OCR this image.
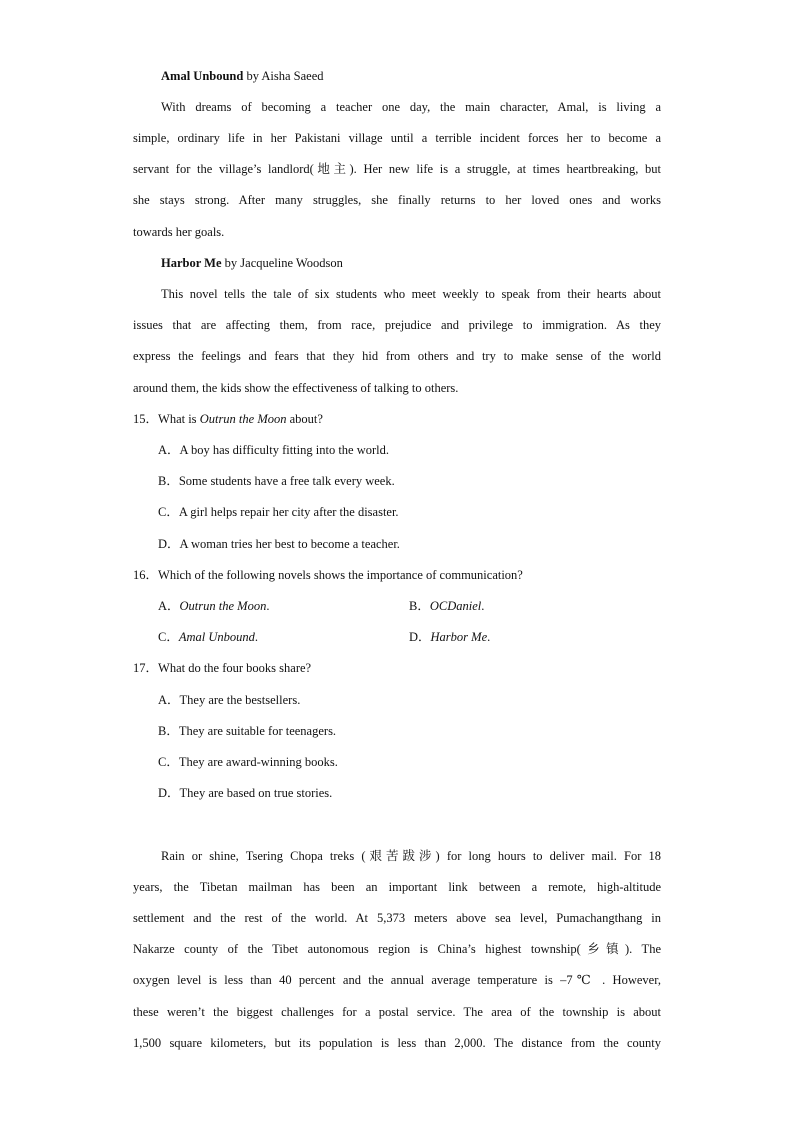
Amal Unbound by Aisha Saeed
With dreams of becoming a teacher one day, the main character, Amal, is living a
simple, ordinary life in her Pakistani village until a terrible incident forces her to become a
servant for the village’s landlord(地主). Her new life is a struggle, at times heartbreaking, but
she stays strong. After many struggles, she finally returns to her loved ones and works
towards her goals.
Harbor Me by Jacqueline Woodson
This novel tells the tale of six students who meet weekly to speak from their hearts about
issues that are affecting them, from race, prejudice and privilege to immigration. As they
express the feelings and fears that they hid from others and try to make sense of the world
around them, the kids show the effectiveness of talking to others.
15．What is Outrun the Moon about?
A．A boy has difficulty fitting into the world.
B．Some students have a free talk every week.
C．A girl helps repair her city after the disaster.
D．A woman tries her best to become a teacher.
16．Which of the following novels shows the importance of communication?
A．Outrun the Moon.	B．OCDaniel.
C．Amal Unbound.	D．Harbor Me.
17．What do the four books share?
A．They are the bestsellers.
B．They are suitable for teenagers.
C．They are award-winning books.
D．They are based on true stories.
Rain or shine, Tsering Chopa treks (艰苦跋涉) for long hours to deliver mail. For 18
years, the Tibetan mailman has been an important link between a remote, high-altitude
settlement and the rest of the world. At 5,373 meters above sea level, Pumachangthang in
Nakarze county of the Tibet autonomous region is China’s highest township(乡镇). The
oxygen level is less than 40 percent and the annual average temperature is –7℃ . However,
these weren’t the biggest challenges for a postal service. The area of the township is about
1,500 square kilometers, but its population is less than 2,000. The distance from the county
